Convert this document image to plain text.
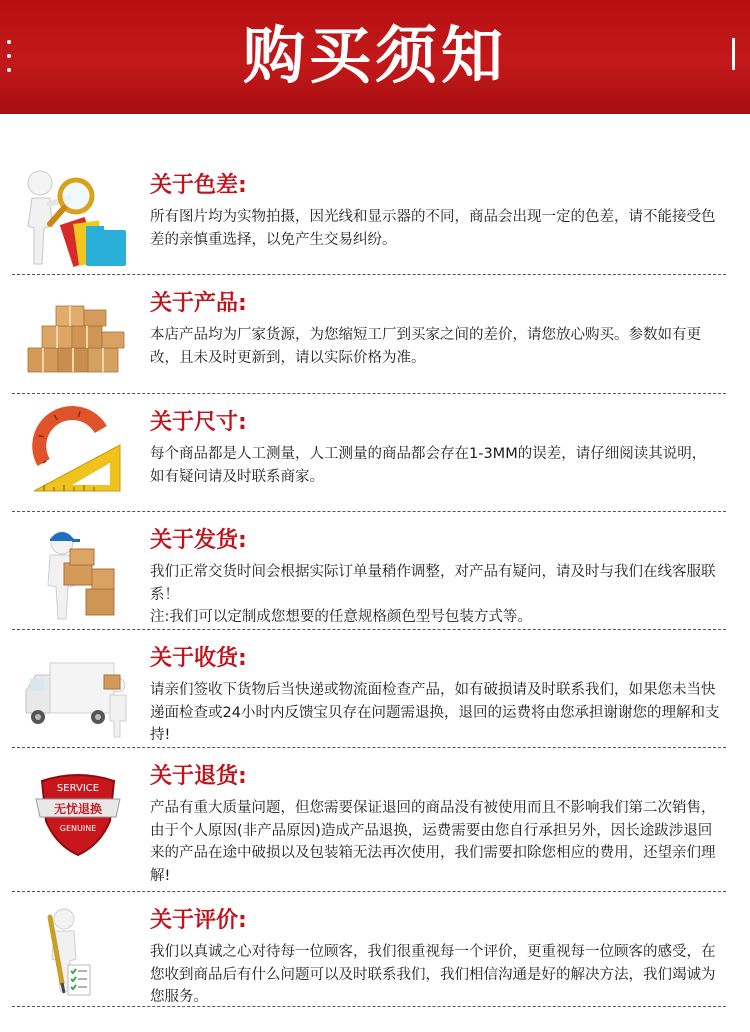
购买须知
关于色差:

所有图片均为实物拍摄，因光线和显示器的不同，商品会出现一定的色差，请不能接受色差的亲慎重选择，以免产生交易纠纷。

关于产品:

本店产品均为厂家货源，为您缩短工厂到买家之间的差价，请您放心购买。参数如有更改，且未及时更新到，请以实际价格为准。

关于尺寸:

每个商品都是人工测量，人工测量的商品都会存在1-3MM的误差，请仔细阅读其说明，如有疑问请及时联系商家。

关于发货:

我们正常交货时间会根据实际订单量稍作调整，对产品有疑问，请及时与我们在线客服联系！

注:我们可以定制成您想要的任意规格颜色型号包装方式等。

关于收货:

请亲们签收下货物后当快递或物流面检查产品，如有破损请及时联系我们，如果您未当快递面检查或24小时内反馈宝贝存在问题需退换，退回的运费将由您承担谢谢您的理解和支持!

SERVICE
无忧退换
GENUINE
关于退货:

产品有重大质量问题，但您需要保证退回的商品没有被使用而且不影响我们第二次销售，由于个人原因(非产品原因)造成产品退换，运费需要由您自行承担另外，因长途跋涉退回来的产品在途中破损以及包装箱无法再次使用，我们需要扣除您相应的费用，还望亲们理解!

关于评价:

我们以真诚之心对待每一位顾客，我们很重视每一个评价，更重视每一位顾客的感受，在您收到商品后有什么问题可以及时联系我们，我们相信沟通是好的解决方法，我们竭诚为您服务。
